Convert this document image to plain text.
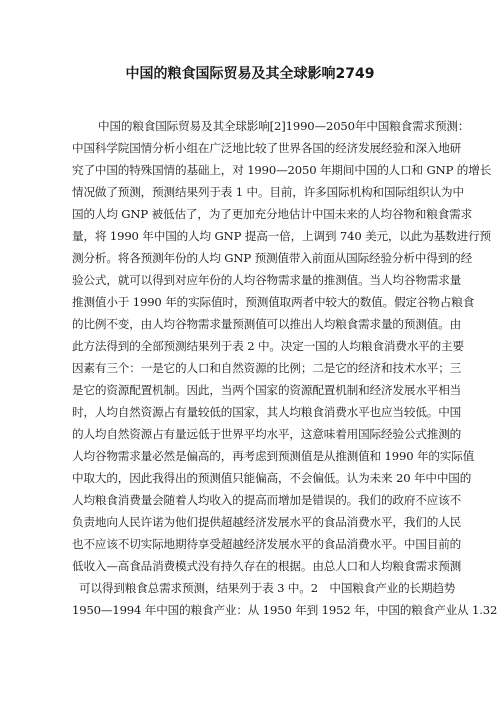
中国的粮食国际贸易及其全球影响2749
中国的粮食国际贸易及其全球影响[2]1990—2050年中国粮食需求预测：
中国科学院国情分析小组在广泛地比较了世界各国的经济发展经验和深入地研
究了中国的特殊国情的基础上，对 1990—2050 年期间中国的人口和 GNP 的增长
情况做了预测，预测结果列于表 1 中。目前，许多国际机构和国际组织认为中
国的人均 GNP 被低估了，为了更加充分地估计中国未来的人均谷物和粮食需求
量，将 1990 年中国的人均 GNP 提高一倍，上调到 740 美元，以此为基数进行预
测分析。将各预测年份的人均 GNP 预测值带入前面从国际经验分析中得到的经
验公式，就可以得到对应年份的人均谷物需求量的推测值。当人均谷物需求量
推测值小于 1990 年的实际值时，预测值取两者中较大的数值。假定谷物占粮食
的比例不变，由人均谷物需求量预测值可以推出人均粮食需求量的预测值。由
此方法得到的全部预测结果列于表 2 中。决定一国的人均粮食消费水平的主要
因素有三个：一是它的人口和自然资源的比例；二是它的经济和技术水平；三
是它的资源配置机制。因此，当两个国家的资源配置机制和经济发展水平相当
时，人均自然资源占有量较低的国家，其人均粮食消费水平也应当较低。中国
的人均自然资源占有量远低于世界平均水平，这意味着用国际经验公式推测的
人均谷物需求量必然是偏高的，再考虑到预测值是从推测值和 1990 年的实际值
中取大的，因此我得出的预测值只能偏高，不会偏低。认为未来 20 年中中国的
人均粮食消费量会随着人均收入的提高而增加是错误的。我们的政府不应该不
负责地向人民许诺为他们提供超越经济发展水平的食品消费水平，我们的人民
也不应该不切实际地期待享受超越经济发展水平的食品消费水平。中国目前的
低收入—高食品消费模式没有持久存在的根据。由总人口和人均粮食需求预测
可以得到粮食总需求预测，结果列于表 3 中。2　中国粮食产业的长期趋势
1950—1994 年中国的粮食产业：从 1950 年到 1952 年，中国的粮食产业从 1.32
